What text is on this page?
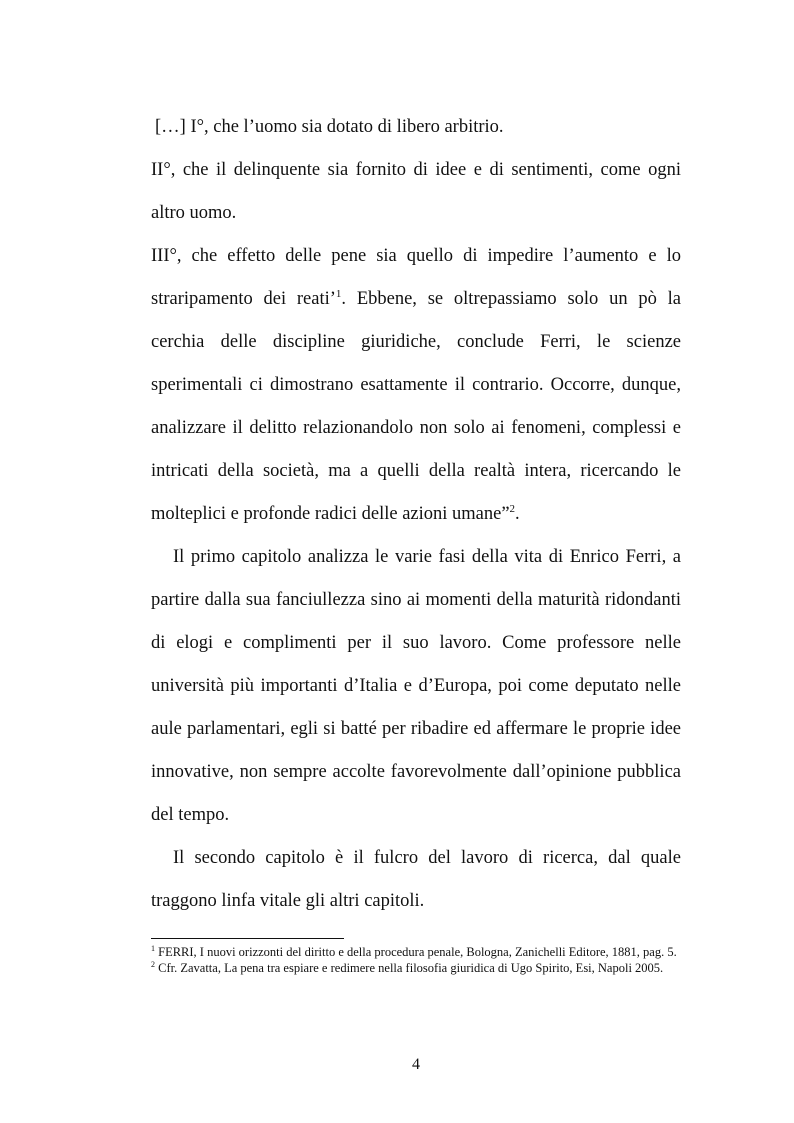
[…] I°, che l’uomo sia dotato di libero arbitrio.

II°, che il delinquente sia fornito di idee e di sentimenti, come ogni altro uomo.

III°, che effetto delle pene sia quello di impedire l’aumento e lo straripamento dei reati’$^1$. Ebbene, se oltrepassiamo solo un pò la cerchia delle discipline giuridiche, conclude Ferri, le scienze sperimentali ci dimostrano esattamente il contrario. Occorre, dunque, analizzare il delitto relazionandolo non solo ai fenomeni, complessi e intricati della società, ma a quelli della realtà intera, ricercando le molteplici e profonde radici delle azioni umane”$^2$.

Il primo capitolo analizza le varie fasi della vita di Enrico Ferri, a partire dalla sua fanciullezza sino ai momenti della maturità ridondanti di elogi e complimenti per il suo lavoro. Come professore nelle università più importanti d’Italia e d’Europa, poi come deputato nelle aule parlamentari, egli si batté per ribadire ed affermare le proprie idee innovative, non sempre accolte favorevolmente dall’opinione pubblica del tempo.

Il secondo capitolo è il fulcro del lavoro di ricerca, dal quale traggono linfa vitale gli altri capitoli.

$^1$ FERRI, I nuovi orizzonti del diritto e della procedura penale, Bologna, Zanichelli Editore, 1881, pag. 5.

$^2$ Cfr. Zavatta, La pena tra espiare e redimere nella filosofia giuridica di Ugo Spirito, Esi, Napoli 2005.

4
